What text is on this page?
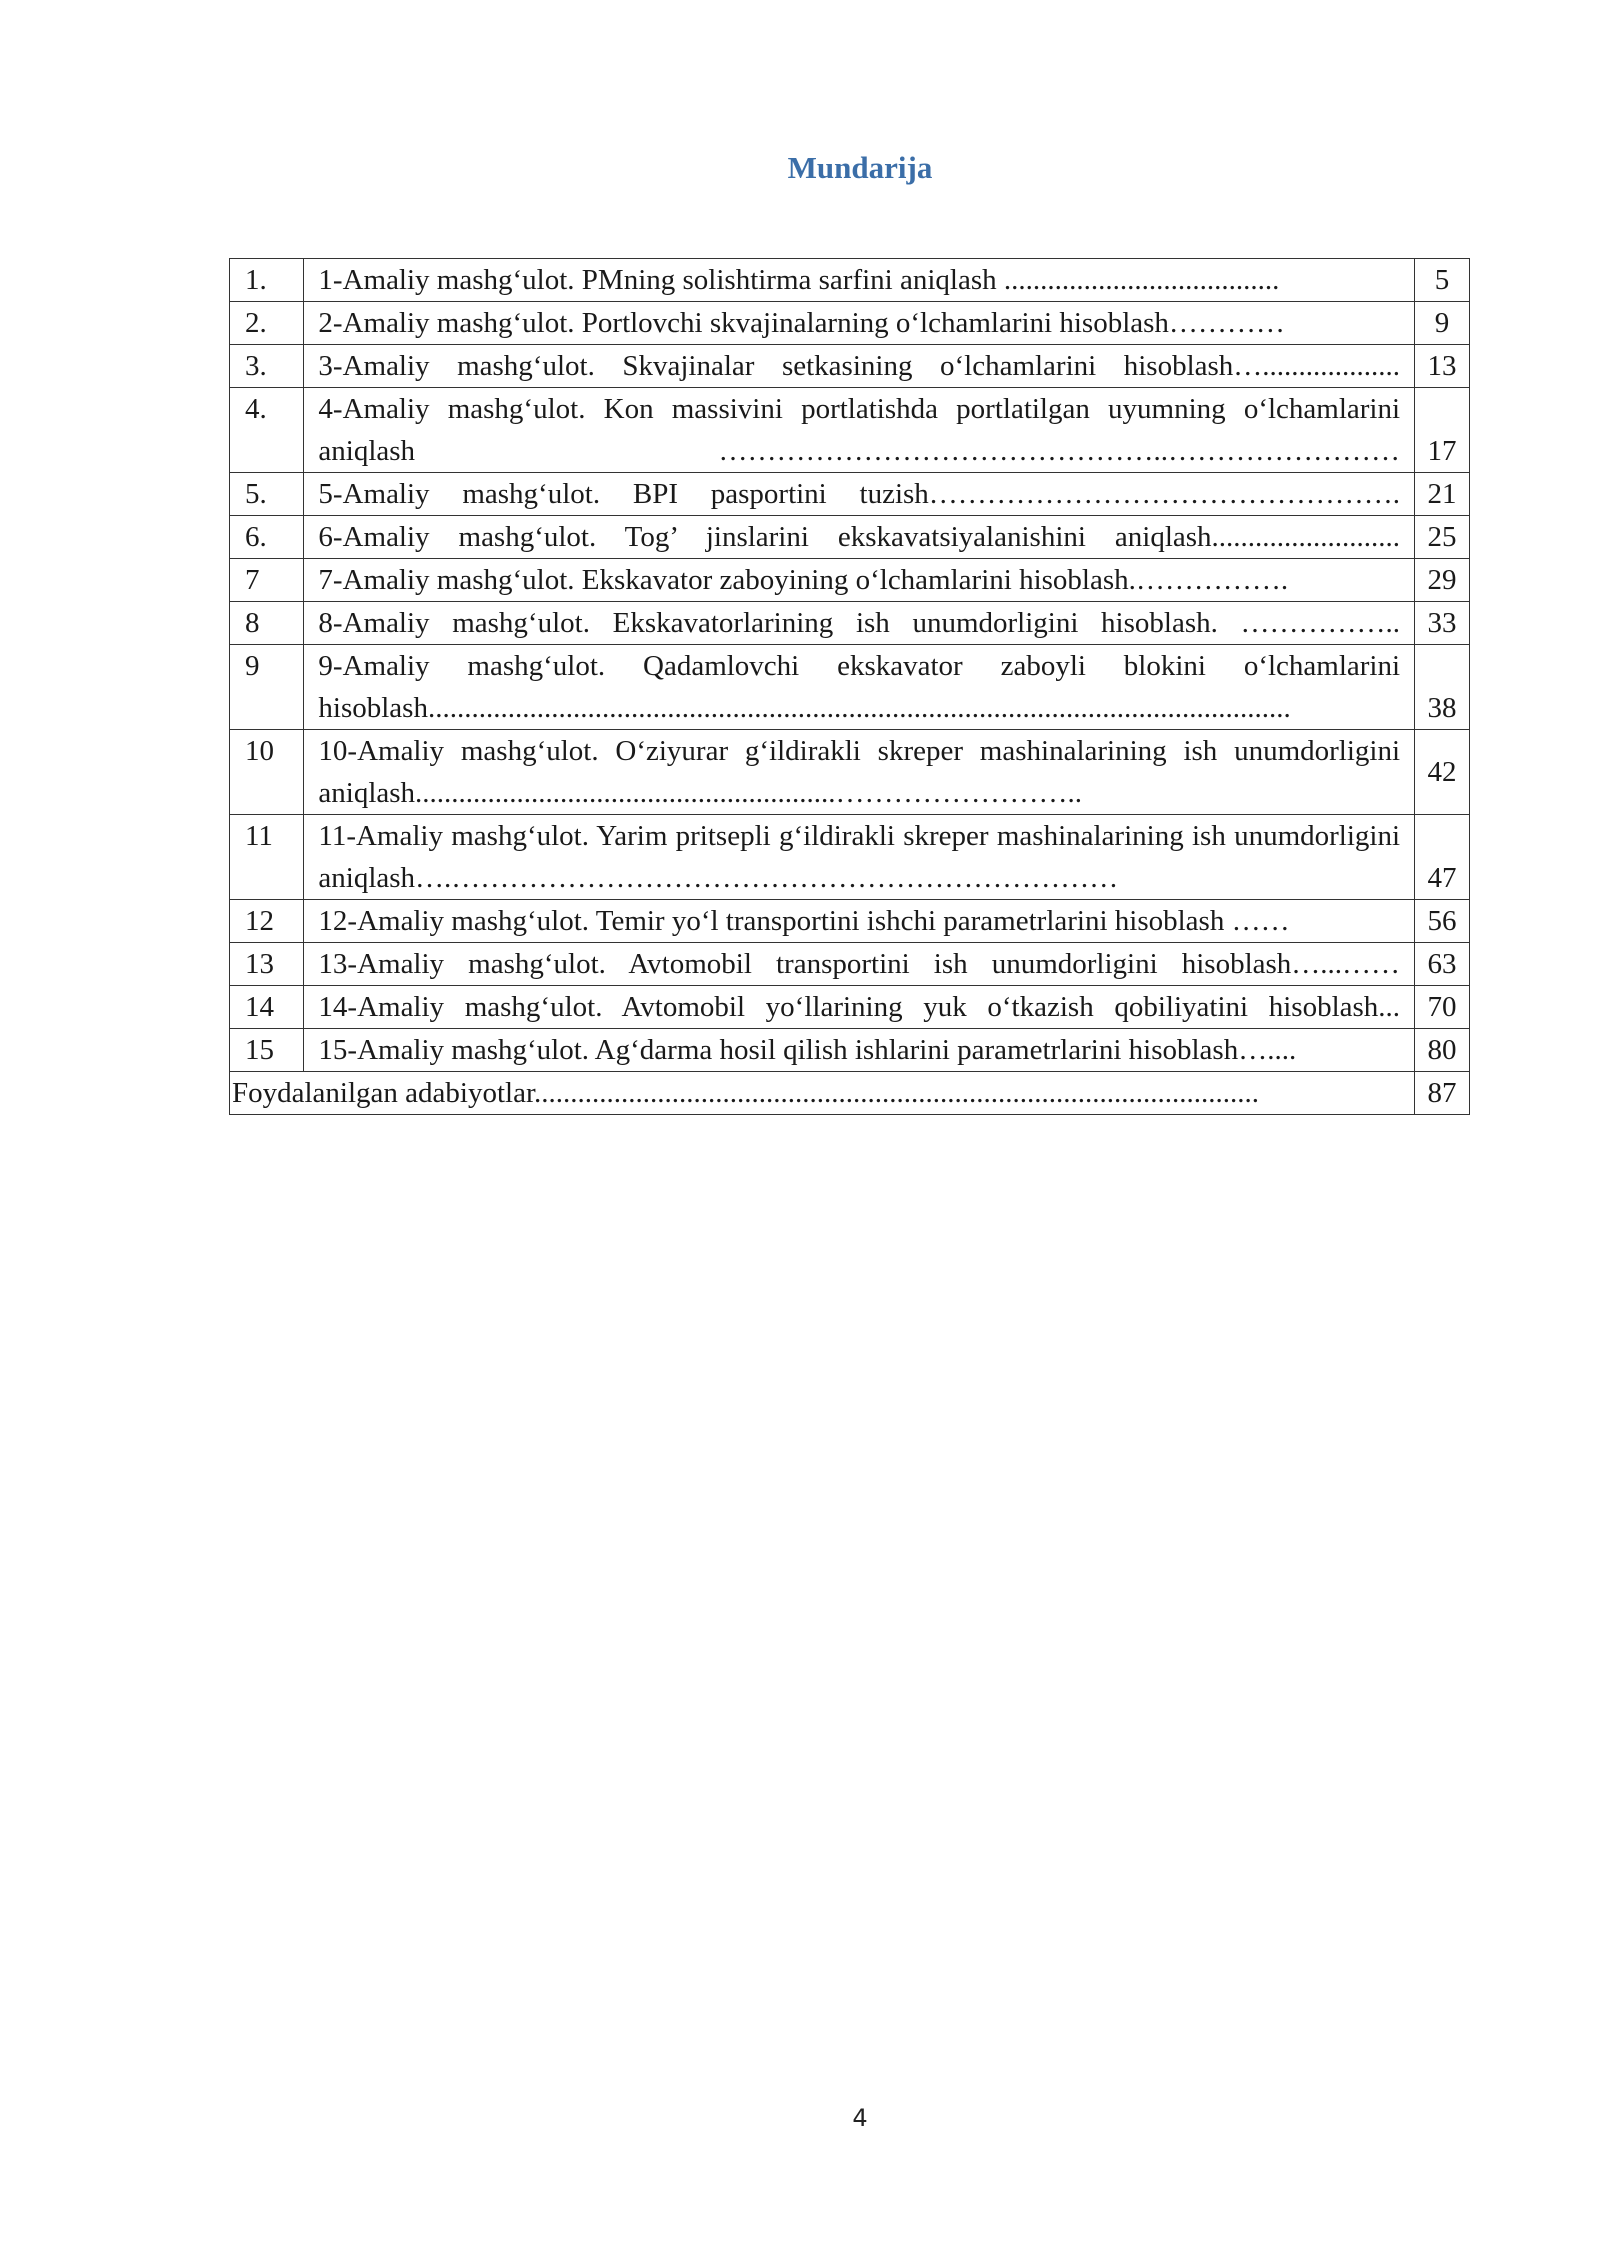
Mundarija
1.	1-Amaliy mashg‘ulot. PMning solishtirma sarfini aniqlash ......................................	5
2.	2-Amaliy mashg‘ulot. Portlovchi skvajinalarning o‘lchamlarini hisoblash…………	9
3.	3-Amaliy mashg‘ulot. Skvajinalar setkasining o‘lchamlarini hisoblash…...................	13
4.	4-Amaliy mashg‘ulot. Kon massivini portlatishda portlatilgan uyumning o‘lchamlarini aniqlash ………………………………………..……………………	17
5.	5-Amaliy mashg‘ulot. BPI pasportini tuzish………………………………………….	21
6.	6-Amaliy mashg‘ulot. Tog’ jinslarini ekskavatsiyalanishini aniqlash..........................	25
7	7-Amaliy mashg‘ulot. Ekskavator zaboyining o‘lchamlarini hisoblash.…………….	29
8	8-Amaliy mashg‘ulot. Ekskavatorlarining ish unumdorligini hisoblash. ……………..	33
9	9-Amaliy mashg‘ulot. Qadamlovchi ekskavator zaboyli blokini o‘lchamlarini hisoblash.......................................................................................................................	38
10	10-Amaliy mashg‘ulot. O‘ziyurar g‘ildirakli skreper mashinalarining ish unumdorligini aniqlash..........................................................……………………..	42
11	11-Amaliy mashg‘ulot. Yarim pritsepli g‘ildirakli skreper mashinalarining ish unumdorligini aniqlash….……………………………………………………………	47
12	12-Amaliy mashg‘ulot. Temir yo‘l transportini ishchi parametrlarini hisoblash ……	56
13	13-Amaliy mashg‘ulot. Avtomobil transportini ish unumdorligini hisoblash…...……	63
14	14-Amaliy mashg‘ulot. Avtomobil yo‘llarining yuk o‘tkazish qobiliyatini hisoblash...	70
15	15-Amaliy mashg‘ulot. Ag‘darma hosil qilish ishlarini parametrlarini hisoblash…....	80
Foydalanilgan adabiyotlar....................................................................................................		87
4
